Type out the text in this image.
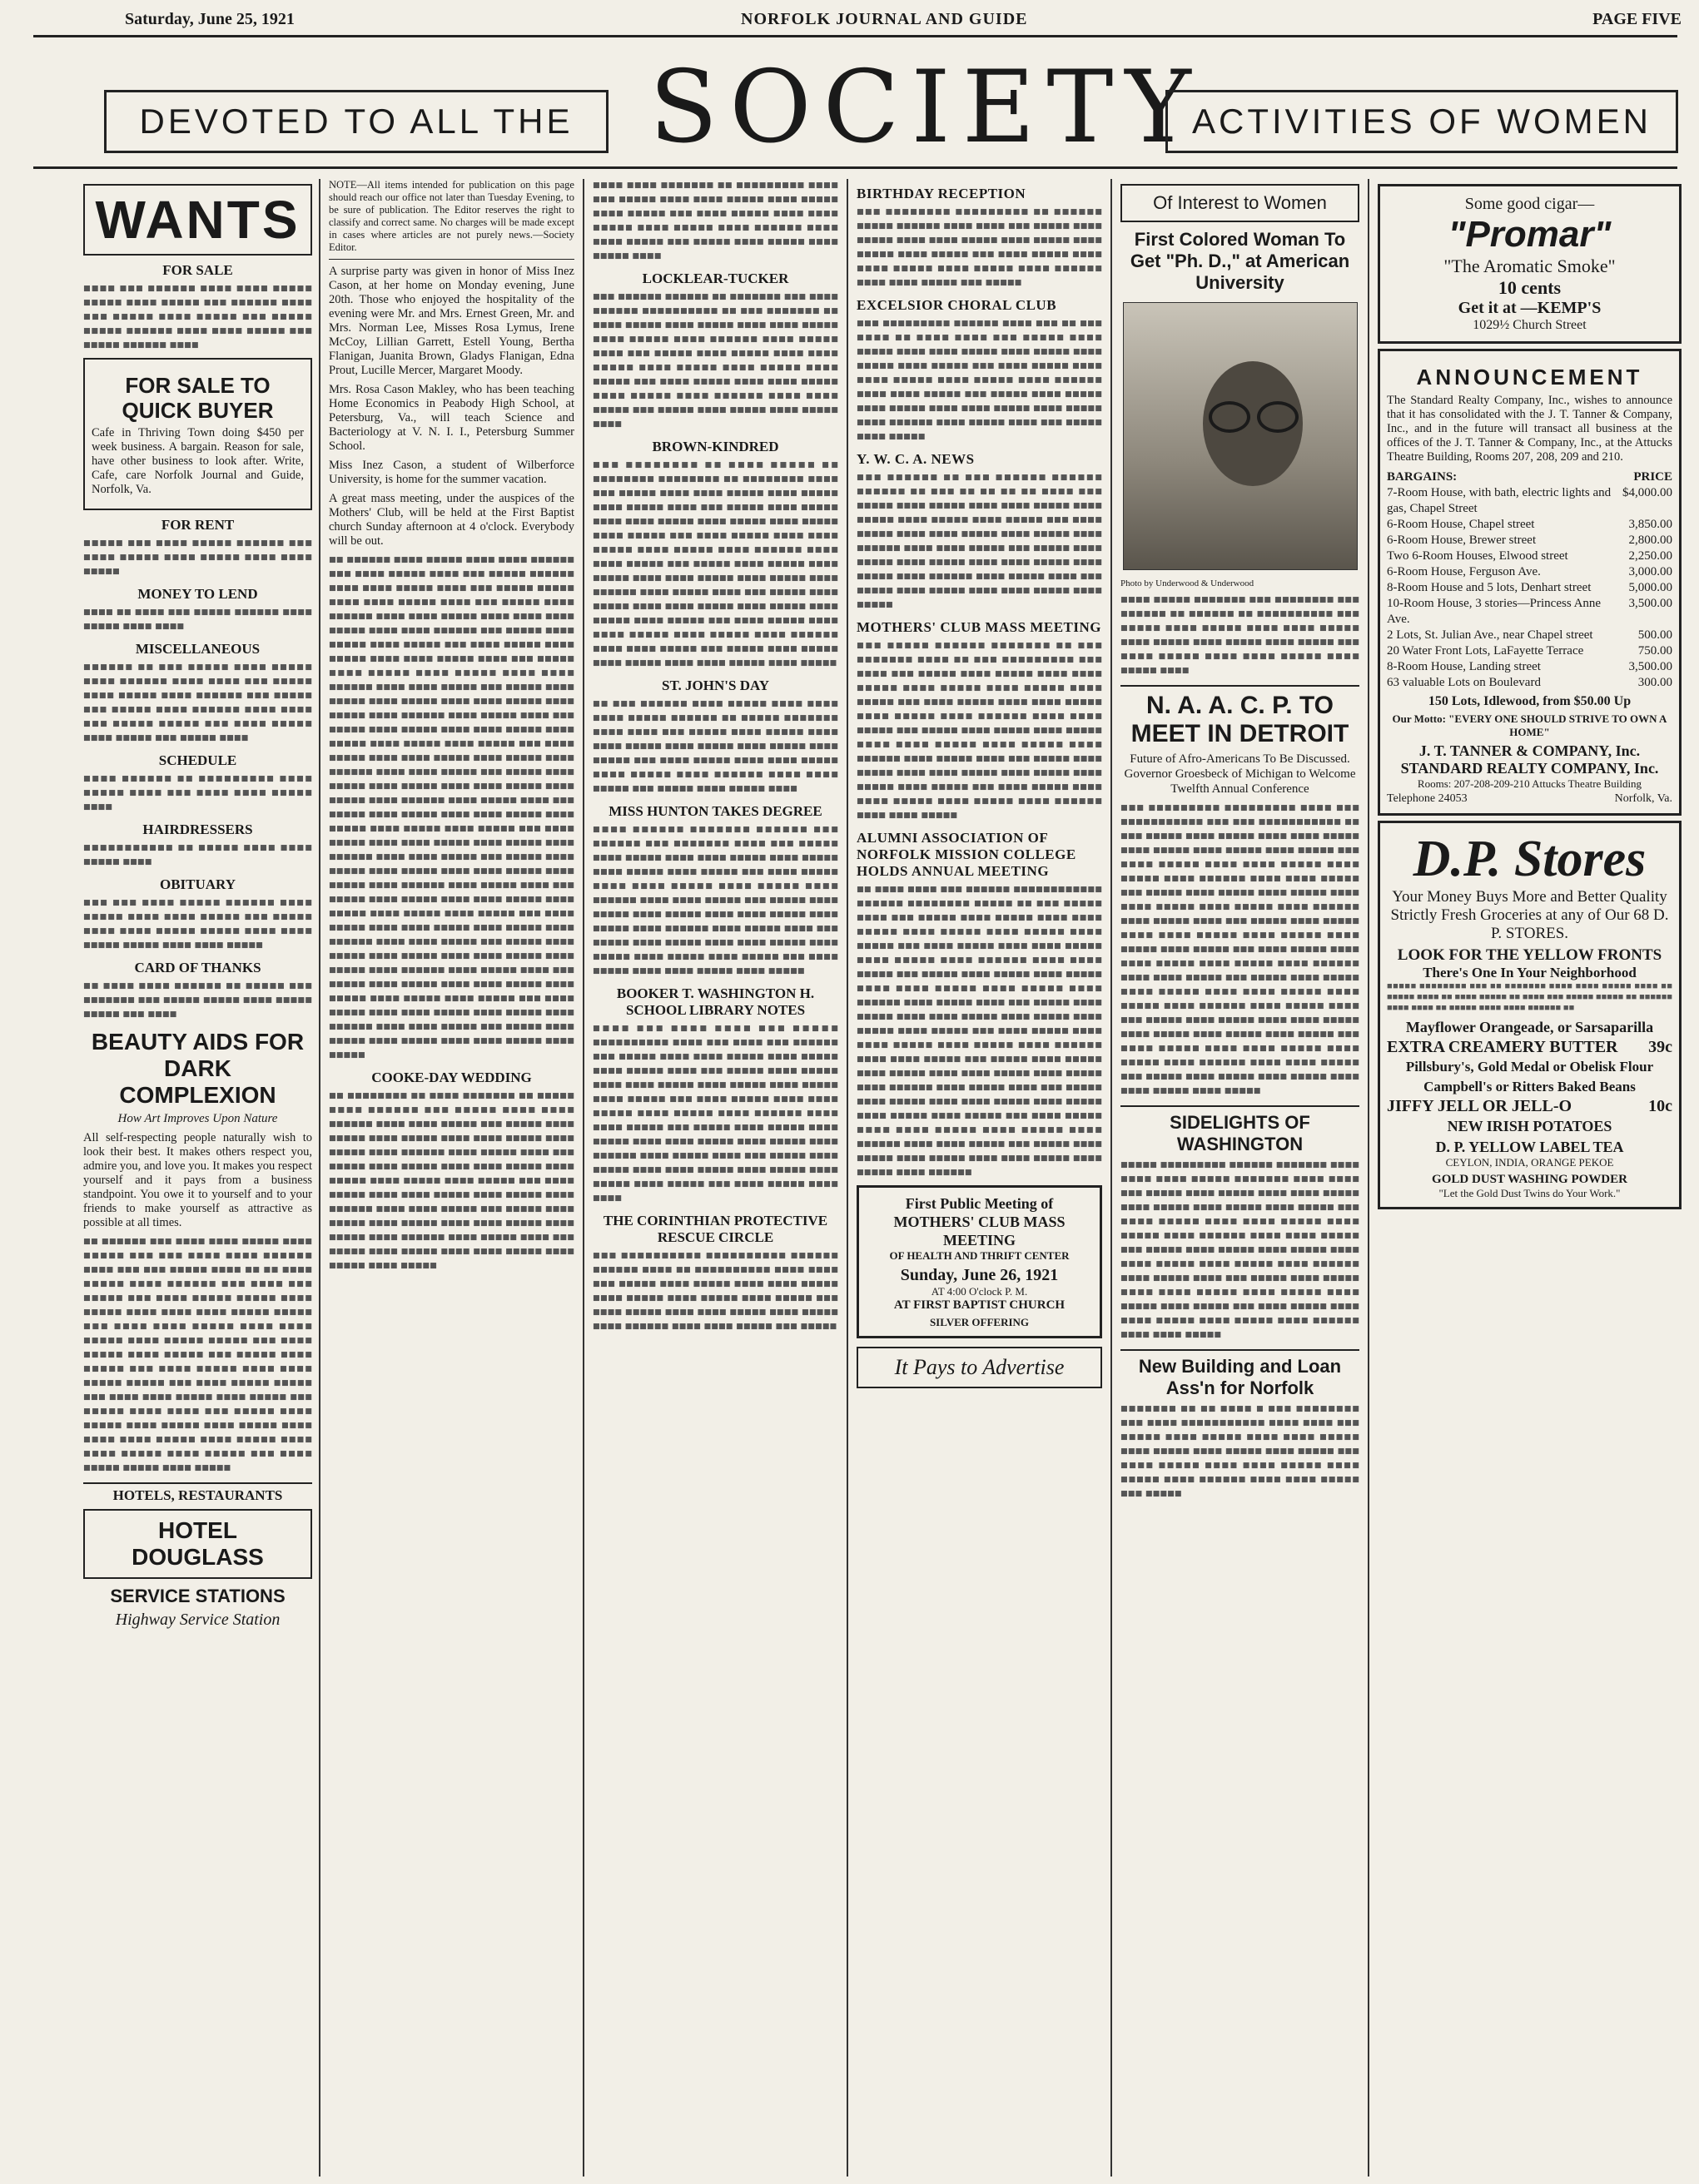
Saturday, June 25, 1921	NORFOLK JOURNAL AND GUIDE	PAGE FIVE
DEVOTED TO ALL THE SOCIETY
ACTIVITIES OF WOMEN
WANTS
FOR SALE

■■■■ ■■■ ■■■■■■ ■■■■ ■■■■ ■■■■■ ■■■■■ ■■■■ ■■■■■ ■■■ ■■■■■■ ■■■■ ■■■ ■■■■■ ■■■■ ■■■■■ ■■■ ■■■■■ ■■■■■ ■■■■■■ ■■■■ ■■■■ ■■■■■ ■■■ ■■■■■ ■■■■■■ ■■■■

FOR SALE TO QUICK BUYER

Cafe in Thriving Town doing $450 per week business. A bargain. Reason for sale, have other business to look after. Write, Cafe, care Norfolk Journal and Guide, Norfolk, Va.

FOR RENT

■■■■■ ■■■ ■■■■ ■■■■■ ■■■■■■ ■■■ ■■■■ ■■■■■ ■■■■ ■■■■■ ■■■■ ■■■■ ■■■■■

MONEY TO LEND

■■■■ ■■ ■■■■ ■■■ ■■■■■ ■■■■■■ ■■■■ ■■■■■ ■■■■ ■■■■

MISCELLANEOUS

■■■■■■ ■■ ■■■ ■■■■■ ■■■■ ■■■■■ ■■■■ ■■■■■■ ■■■■ ■■■■ ■■■ ■■■■■ ■■■■ ■■■■■ ■■■■ ■■■■■■ ■■■ ■■■■■ ■■■ ■■■■■ ■■■■ ■■■■■■ ■■■■ ■■■■ ■■■ ■■■■■ ■■■■■ ■■■ ■■■■ ■■■■■ ■■■■ ■■■■■ ■■■ ■■■■■ ■■■■

SCHEDULE

■■■■ ■■■■■■ ■■ ■■■■■■■■■ ■■■■ ■■■■■ ■■■■ ■■■ ■■■■ ■■■■ ■■■■■ ■■■■

HAIRDRESSERS

■■■■■■■■■■■ ■■ ■■■■■ ■■■■ ■■■■ ■■■■■ ■■■■

OBITUARY

■■■ ■■■ ■■■■ ■■■■■ ■■■■■■ ■■■■ ■■■■■ ■■■■ ■■■■ ■■■■■ ■■■ ■■■■■ ■■■■ ■■■■ ■■■■■ ■■■■■ ■■■■ ■■■■ ■■■■■ ■■■■■ ■■■■ ■■■■ ■■■■■

CARD OF THANKS

■■ ■■■■ ■■■■ ■■■■■■ ■■ ■■■■■ ■■■ ■■■■■■■ ■■■ ■■■■■ ■■■■■ ■■■■ ■■■■■ ■■■■■ ■■■ ■■■■

BEAUTY AIDS FOR DARK COMPLEXION
How Art Improves Upon Nature

All self-respecting people naturally wish to look their best. It makes others respect you, admire you, and love you. It makes you respect yourself and it pays from a business standpoint. You owe it to yourself and to your friends to make yourself as attractive as possible at all times.

■■ ■■■■■■ ■■■ ■■■■ ■■■■ ■■■■■ ■■■■ ■■■■■ ■■■ ■■■ ■■■■ ■■■■ ■■■■■■ ■■■■ ■■■ ■■■ ■■■■■ ■■■■ ■■ ■■ ■■■■ ■■■■■ ■■■■ ■■■■■■ ■■■ ■■■■ ■■■ ■■■■■ ■■■ ■■■■ ■■■■■ ■■■■■ ■■■■ ■■■■■ ■■■■ ■■■■ ■■■■ ■■■■■ ■■■■■ ■■■ ■■■■ ■■■■ ■■■■■ ■■■■ ■■■■ ■■■■■ ■■■■ ■■■■■ ■■■■■ ■■■ ■■■■ ■■■■■ ■■■■ ■■■■■ ■■■ ■■■■■ ■■■■ ■■■■■ ■■■ ■■■■ ■■■■■ ■■■■ ■■■■ ■■■■■ ■■■■■ ■■■ ■■■■ ■■■■■ ■■■■■ ■■■ ■■■■ ■■■■ ■■■■■ ■■■■ ■■■■■ ■■■ ■■■■■ ■■■■ ■■■■ ■■■ ■■■■■ ■■■■ ■■■■■ ■■■■ ■■■■■ ■■■■ ■■■■■ ■■■■ ■■■■ ■■■■ ■■■■■ ■■■■ ■■■■■ ■■■■ ■■■■ ■■■■■ ■■■■ ■■■■■ ■■■ ■■■■ ■■■■■ ■■■■■ ■■■■ ■■■■■

HOTELS, RESTAURANTS
HOTEL DOUGLASS
SERVICE STATIONS
Highway Service Station

NOTE—All items intended for publication on this page should reach our office not later than Tuesday Evening, to be sure of publication. The Editor reserves the right to classify and correct same. No charges will be made except in cases where articles are not purely news.—Society Editor.

A surprise party was given in honor of Miss Inez Cason, at her home on Monday evening, June 20th. Those who enjoyed the hospitality of the evening were Mr. and Mrs. Ernest Green, Mr. and Mrs. Norman Lee, Misses Rosa Lymus, Irene McCoy, Lillian Garrett, Estell Young, Bertha Flanigan, Juanita Brown, Gladys Flanigan, Edna Prout, Lucille Mercer, Margaret Moody.

Mrs. Rosa Cason Makley, who has been teaching Home Economics in Peabody High School, at Petersburg, Va., will teach Science and Bacteriology at V. N. I. I., Petersburg Summer School.

Miss Inez Cason, a student of Wilberforce University, is home for the summer vacation.

A great mass meeting, under the auspices of the Mothers' Club, will be held at the First Baptist church Sunday afternoon at 4 o'clock. Everybody will be out.

■■ ■■■■■■ ■■■■ ■■■■■ ■■■■ ■■■■ ■■■■■■ ■■■ ■■■■ ■■■■■ ■■■■ ■■■ ■■■■■ ■■■■■■ ■■■■ ■■■■ ■■■■■ ■■■■ ■■■ ■■■■■ ■■■■■ ■■■■ ■■■■ ■■■■■ ■■■■ ■■■ ■■■■■ ■■■■ ■■■■■■ ■■■■ ■■■■ ■■■■■ ■■■■ ■■■■ ■■■■ ■■■■■ ■■■■ ■■■■ ■■■■■■ ■■■ ■■■■■ ■■■■ ■■■■■ ■■■■ ■■■■■ ■■■ ■■■■ ■■■■■ ■■■■ ■■■■■ ■■■■ ■■■■ ■■■■■ ■■■■ ■■■ ■■■■■ ■■■■ ■■■■■ ■■■■ ■■■■■ ■■■■ ■■■■ ■■■■■■ ■■■■ ■■■■ ■■■■■ ■■■ ■■■■■ ■■■■ ■■■■■ ■■■■ ■■■■■ ■■■■ ■■■■ ■■■■■ ■■■■ ■■■■■ ■■■■ ■■■■■■ ■■■■ ■■■■■ ■■■■ ■■■ ■■■■■ ■■■■ ■■■■■ ■■■■ ■■■■ ■■■■■ ■■■■ ■■■■■ ■■■■ ■■■■■ ■■■■ ■■■■■ ■■■ ■■■■ ■■■■■ ■■■■ ■■■■ ■■■■■ ■■■■ ■■■■■ ■■■■ ■■■■■■ ■■■■ ■■■■ ■■■■■ ■■■ ■■■■■ ■■■■ ■■■■■ ■■■■ ■■■■■ ■■■■ ■■■■ ■■■■■ ■■■■ ■■■■■ ■■■■ ■■■■■■ ■■■■ ■■■■■ ■■■■ ■■■ ■■■■■ ■■■■ ■■■■■ ■■■■ ■■■■ ■■■■■ ■■■■ ■■■■■ ■■■■ ■■■■■ ■■■■ ■■■■■ ■■■ ■■■■ ■■■■■ ■■■■ ■■■■ ■■■■■ ■■■■ ■■■■■ ■■■■ ■■■■■■ ■■■■ ■■■■ ■■■■■ ■■■ ■■■■■ ■■■■ ■■■■■ ■■■■ ■■■■■ ■■■■ ■■■■ ■■■■■ ■■■■ ■■■■■ ■■■■ ■■■■■■ ■■■■ ■■■■■ ■■■■ ■■■ ■■■■■ ■■■■ ■■■■■ ■■■■ ■■■■ ■■■■■ ■■■■ ■■■■■ ■■■■ ■■■■■ ■■■■ ■■■■■ ■■■ ■■■■ ■■■■■ ■■■■ ■■■■ ■■■■■ ■■■■ ■■■■■ ■■■■ ■■■■■■ ■■■■ ■■■■ ■■■■■ ■■■ ■■■■■ ■■■■ ■■■■■ ■■■■ ■■■■■ ■■■■ ■■■■ ■■■■■ ■■■■ ■■■■■ ■■■■ ■■■■■■ ■■■■ ■■■■■ ■■■■ ■■■ ■■■■■ ■■■■ ■■■■■ ■■■■ ■■■■ ■■■■■ ■■■■ ■■■■■ ■■■■ ■■■■■ ■■■■ ■■■■■ ■■■ ■■■■ ■■■■■ ■■■■ ■■■■ ■■■■■ ■■■■ ■■■■■ ■■■■ ■■■■■■ ■■■■ ■■■■ ■■■■■ ■■■ ■■■■■ ■■■■ ■■■■■ ■■■■ ■■■■■ ■■■■ ■■■■ ■■■■■ ■■■■ ■■■■■

COOKE-DAY WEDDING

■■ ■■■■■■■■ ■■ ■■■■ ■■■■■■■ ■■ ■■■■■ ■■■■ ■■■■■■ ■■■ ■■■■■ ■■■■ ■■■■ ■■■■■■ ■■■■ ■■■■ ■■■■■ ■■■ ■■■■■ ■■■■ ■■■■■ ■■■■ ■■■■■ ■■■■ ■■■■ ■■■■■ ■■■■ ■■■■■ ■■■■ ■■■■■■ ■■■■ ■■■■■ ■■■■ ■■■ ■■■■■ ■■■■ ■■■■■ ■■■■ ■■■■ ■■■■■ ■■■■ ■■■■■ ■■■■ ■■■■■ ■■■■ ■■■■■ ■■■ ■■■■ ■■■■■ ■■■■ ■■■■ ■■■■■ ■■■■ ■■■■■ ■■■■ ■■■■■■ ■■■■ ■■■■ ■■■■■ ■■■ ■■■■■ ■■■■ ■■■■■ ■■■■ ■■■■■ ■■■■ ■■■■ ■■■■■ ■■■■ ■■■■■ ■■■■ ■■■■■■ ■■■■ ■■■■■ ■■■■ ■■■ ■■■■■ ■■■■ ■■■■■ ■■■■ ■■■■ ■■■■■ ■■■■ ■■■■■ ■■■■ ■■■■■

■■■■ ■■■■ ■■■■■■■ ■■ ■■■■■■■■■ ■■■■ ■■■ ■■■■■ ■■■■ ■■■■ ■■■■■ ■■■■ ■■■■■ ■■■■ ■■■■■ ■■■ ■■■■ ■■■■■ ■■■■ ■■■■ ■■■■■ ■■■■ ■■■■■ ■■■■ ■■■■■■ ■■■■ ■■■■ ■■■■■ ■■■ ■■■■■ ■■■■ ■■■■■ ■■■■ ■■■■■ ■■■■

LOCKLEAR-TUCKER

■■■ ■■■■■■ ■■■■■■ ■■ ■■■■■■■ ■■■ ■■■■ ■■■■■■ ■■■■■■■■■■ ■■ ■■■ ■■■■■■■ ■■ ■■■■ ■■■■■ ■■■■ ■■■■■ ■■■■ ■■■■ ■■■■■ ■■■■ ■■■■■ ■■■■ ■■■■■■ ■■■■ ■■■■■ ■■■■ ■■■ ■■■■■ ■■■■ ■■■■■ ■■■■ ■■■■ ■■■■■ ■■■■ ■■■■■ ■■■■ ■■■■■ ■■■■ ■■■■■ ■■■ ■■■■ ■■■■■ ■■■■ ■■■■ ■■■■■ ■■■■ ■■■■■ ■■■■ ■■■■■■ ■■■■ ■■■■ ■■■■■ ■■■ ■■■■■ ■■■■ ■■■■■ ■■■■ ■■■■■ ■■■■

BROWN-KINDRED

■■■ ■■■■■■■■ ■■ ■■■■ ■■■■■ ■■ ■■■■■■■■ ■■■■■■■■ ■■ ■■■■■■■■ ■■■■ ■■■ ■■■■■ ■■■■ ■■■■ ■■■■■ ■■■■ ■■■■■ ■■■■ ■■■■■ ■■■■ ■■■ ■■■■■ ■■■■ ■■■■■ ■■■■ ■■■■ ■■■■■ ■■■■ ■■■■■ ■■■■ ■■■■■ ■■■■ ■■■■■ ■■■ ■■■■ ■■■■■ ■■■■ ■■■■ ■■■■■ ■■■■ ■■■■■ ■■■■ ■■■■■■ ■■■■ ■■■■ ■■■■■ ■■■ ■■■■■ ■■■■ ■■■■■ ■■■■ ■■■■■ ■■■■ ■■■■ ■■■■■ ■■■■ ■■■■■ ■■■■ ■■■■■■ ■■■■ ■■■■■ ■■■■ ■■■ ■■■■■ ■■■■ ■■■■■ ■■■■ ■■■■ ■■■■■ ■■■■ ■■■■■ ■■■■ ■■■■■ ■■■■ ■■■■■ ■■■ ■■■■ ■■■■■ ■■■■ ■■■■ ■■■■■ ■■■■ ■■■■■ ■■■■ ■■■■■■ ■■■■ ■■■■ ■■■■■ ■■■ ■■■■■ ■■■■ ■■■■■ ■■■■ ■■■■■ ■■■■ ■■■■ ■■■■■ ■■■■ ■■■■■

ST. JOHN'S DAY

■■ ■■■ ■■■■■■ ■■■■ ■■■■■ ■■■■ ■■■■ ■■■■ ■■■■■ ■■■■■■ ■■ ■■■■■ ■■■■■■■ ■■■■ ■■■■ ■■■ ■■■■■ ■■■■ ■■■■■ ■■■■ ■■■■ ■■■■■ ■■■■ ■■■■■ ■■■■ ■■■■■ ■■■■ ■■■■■ ■■■ ■■■■ ■■■■■ ■■■■ ■■■■ ■■■■■ ■■■■ ■■■■■ ■■■■ ■■■■■■ ■■■■ ■■■■ ■■■■■ ■■■ ■■■■■ ■■■■ ■■■■■ ■■■■

MISS HUNTON TAKES DEGREE

■■■■ ■■■■■■ ■■■■■■■ ■■■■■■ ■■■ ■■■■■■ ■■■ ■■■■■■■ ■■■■ ■■■ ■■■■■ ■■■■ ■■■■■ ■■■■ ■■■■ ■■■■■ ■■■■ ■■■■■ ■■■■ ■■■■■ ■■■■ ■■■■■ ■■■ ■■■■ ■■■■■ ■■■■ ■■■■ ■■■■■ ■■■■ ■■■■■ ■■■■ ■■■■■■ ■■■■ ■■■■ ■■■■■ ■■■ ■■■■■ ■■■■ ■■■■■ ■■■■ ■■■■■ ■■■■ ■■■■ ■■■■■ ■■■■ ■■■■■ ■■■■ ■■■■■■ ■■■■ ■■■■■ ■■■■ ■■■ ■■■■■ ■■■■ ■■■■■ ■■■■ ■■■■ ■■■■■ ■■■■ ■■■■■ ■■■■ ■■■■■ ■■■■ ■■■■■ ■■■ ■■■■ ■■■■■ ■■■■ ■■■■ ■■■■■ ■■■■ ■■■■■

BOOKER T. WASHINGTON H. SCHOOL LIBRARY NOTES

■■■■ ■■■ ■■■■ ■■■■ ■■■ ■■■■■ ■■■■■■■■■■ ■■■■ ■■■ ■■■■ ■■■ ■■■■■■ ■■■ ■■■■■ ■■■■ ■■■■ ■■■■■ ■■■■ ■■■■■ ■■■■ ■■■■■ ■■■■ ■■■ ■■■■■ ■■■■ ■■■■■ ■■■■ ■■■■ ■■■■■ ■■■■ ■■■■■ ■■■■ ■■■■■ ■■■■ ■■■■■ ■■■ ■■■■ ■■■■■ ■■■■ ■■■■ ■■■■■ ■■■■ ■■■■■ ■■■■ ■■■■■■ ■■■■ ■■■■ ■■■■■ ■■■ ■■■■■ ■■■■ ■■■■■ ■■■■ ■■■■■ ■■■■ ■■■■ ■■■■■ ■■■■ ■■■■■ ■■■■ ■■■■■■ ■■■■ ■■■■■ ■■■■ ■■■ ■■■■■ ■■■■ ■■■■■ ■■■■ ■■■■ ■■■■■ ■■■■ ■■■■■ ■■■■ ■■■■■ ■■■■ ■■■■■ ■■■ ■■■■ ■■■■■ ■■■■ ■■■■

THE CORINTHIAN PROTECTIVE RESCUE CIRCLE

■■■ ■■■■■■■■■■ ■■■■■■■■■■ ■■■■■■ ■■■■■■ ■■■■ ■■ ■■■■■■■■■■ ■■■■ ■■■■ ■■■ ■■■■■ ■■■■ ■■■■■ ■■■■ ■■■■ ■■■■■ ■■■■ ■■■■■ ■■■■ ■■■■■ ■■■■ ■■■■■ ■■■ ■■■■ ■■■■■ ■■■■ ■■■■ ■■■■■ ■■■■ ■■■■■ ■■■■ ■■■■■■ ■■■■ ■■■■ ■■■■■ ■■■ ■■■■■

BIRTHDAY RECEPTION

■■■ ■■■■■■■■ ■■■■■■■■■ ■■ ■■■■■■ ■■■■■ ■■■■■■ ■■■■ ■■■■ ■■■ ■■■■■ ■■■■ ■■■■■ ■■■■ ■■■■ ■■■■■ ■■■■ ■■■■■ ■■■■ ■■■■■ ■■■■ ■■■■■ ■■■ ■■■■ ■■■■■ ■■■■ ■■■■ ■■■■■ ■■■■ ■■■■■ ■■■■ ■■■■■■ ■■■■ ■■■■ ■■■■■ ■■■ ■■■■■

EXCELSIOR CHORAL CLUB

■■■ ■■■■■■■■■ ■■■■■■ ■■■■ ■■■ ■■ ■■■ ■■■■ ■■ ■■■■ ■■■■ ■■■ ■■■■■ ■■■■ ■■■■■ ■■■■ ■■■■ ■■■■■ ■■■■ ■■■■■ ■■■■ ■■■■■ ■■■■ ■■■■■ ■■■ ■■■■ ■■■■■ ■■■■ ■■■■ ■■■■■ ■■■■ ■■■■■ ■■■■ ■■■■■■ ■■■■ ■■■■ ■■■■■ ■■■ ■■■■■ ■■■■ ■■■■■ ■■■■ ■■■■■ ■■■■ ■■■■ ■■■■■ ■■■■ ■■■■■ ■■■■ ■■■■■■ ■■■■ ■■■■■ ■■■■ ■■■ ■■■■■ ■■■■ ■■■■■

Y. W. C. A. NEWS

■■■ ■■■■■■ ■■ ■■■ ■■■■■■ ■■■■■■ ■■■■■■ ■■ ■■■ ■■ ■■ ■■ ■■ ■■■■ ■■■ ■■■■■ ■■■■ ■■■■■ ■■■■ ■■■■ ■■■■■ ■■■■ ■■■■■ ■■■■ ■■■■■ ■■■■ ■■■■■ ■■■ ■■■■ ■■■■■ ■■■■ ■■■■ ■■■■■ ■■■■ ■■■■■ ■■■■ ■■■■■■ ■■■■ ■■■■ ■■■■■ ■■■ ■■■■■ ■■■■ ■■■■■ ■■■■ ■■■■■ ■■■■ ■■■■ ■■■■■ ■■■■ ■■■■■ ■■■■ ■■■■■■ ■■■■ ■■■■■ ■■■■ ■■■ ■■■■■ ■■■■ ■■■■■ ■■■■ ■■■■ ■■■■■ ■■■■ ■■■■■

MOTHERS' CLUB MASS MEETING

■■■ ■■■■■ ■■■■■■ ■■■■■■■ ■■ ■■■ ■■■■■■■ ■■■■ ■■ ■■■ ■■■■■■■■■ ■■■ ■■■■ ■■■ ■■■■■ ■■■■ ■■■■■ ■■■■ ■■■■ ■■■■■ ■■■■ ■■■■■ ■■■■ ■■■■■ ■■■■ ■■■■■ ■■■ ■■■■ ■■■■■ ■■■■ ■■■■ ■■■■■ ■■■■ ■■■■■ ■■■■ ■■■■■■ ■■■■ ■■■■ ■■■■■ ■■■ ■■■■■ ■■■■ ■■■■■ ■■■■ ■■■■■ ■■■■ ■■■■ ■■■■■ ■■■■ ■■■■■ ■■■■ ■■■■■■ ■■■■ ■■■■■ ■■■■ ■■■ ■■■■■ ■■■■ ■■■■■ ■■■■ ■■■■ ■■■■■ ■■■■ ■■■■■ ■■■■ ■■■■■ ■■■■ ■■■■■ ■■■ ■■■■ ■■■■■ ■■■■ ■■■■ ■■■■■ ■■■■ ■■■■■ ■■■■ ■■■■■■ ■■■■ ■■■■ ■■■■■

ALUMNI ASSOCIATION OF NORFOLK MISSION COLLEGE HOLDS ANNUAL MEETING

■■ ■■■■ ■■■■ ■■■ ■■■■■■ ■■■■■■■■■■■■ ■■■■■■ ■■■■■■■■ ■■■■■ ■■ ■■■ ■■■■■ ■■■■ ■■■ ■■■■■ ■■■■ ■■■■■ ■■■■ ■■■■ ■■■■■ ■■■■ ■■■■■ ■■■■ ■■■■■ ■■■■ ■■■■■ ■■■ ■■■■ ■■■■■ ■■■■ ■■■■ ■■■■■ ■■■■ ■■■■■ ■■■■ ■■■■■■ ■■■■ ■■■■ ■■■■■ ■■■ ■■■■■ ■■■■ ■■■■■ ■■■■ ■■■■■ ■■■■ ■■■■ ■■■■■ ■■■■ ■■■■■ ■■■■ ■■■■■■ ■■■■ ■■■■■ ■■■■ ■■■ ■■■■■ ■■■■ ■■■■■ ■■■■ ■■■■ ■■■■■ ■■■■ ■■■■■ ■■■■ ■■■■■ ■■■■ ■■■■■ ■■■ ■■■■ ■■■■■ ■■■■ ■■■■ ■■■■■ ■■■■ ■■■■■ ■■■■ ■■■■■■ ■■■■ ■■■■ ■■■■■ ■■■ ■■■■■ ■■■■ ■■■■■ ■■■■ ■■■■■ ■■■■ ■■■■ ■■■■■ ■■■■ ■■■■■ ■■■■ ■■■■■■ ■■■■ ■■■■■ ■■■■ ■■■ ■■■■■ ■■■■ ■■■■■ ■■■■ ■■■■ ■■■■■ ■■■■ ■■■■■ ■■■■ ■■■■■ ■■■■ ■■■■■ ■■■ ■■■■ ■■■■■ ■■■■ ■■■■ ■■■■■ ■■■■ ■■■■■ ■■■■ ■■■■■■ ■■■■ ■■■■ ■■■■■ ■■■ ■■■■■ ■■■■ ■■■■■ ■■■■ ■■■■■ ■■■■ ■■■■ ■■■■■ ■■■■ ■■■■■ ■■■■ ■■■■■■

First Public Meeting of MOTHERS' CLUB MASS MEETING
OF HEALTH AND THRIFT CENTER
Sunday, June 26, 1921
AT 4:00 O'clock P. M.
AT FIRST BAPTIST CHURCH
SILVER OFFERING
It Pays to Advertise
Of Interest to Women
First Colored Woman To Get "Ph. D.," at American University
Photo by Underwood & Underwood

■■■■ ■■■■■ ■■■■■■■ ■■■ ■■■■■■■■ ■■■ ■■■■■■ ■■ ■■■■■■ ■■ ■■■■■■■■■■ ■■■ ■■■■■ ■■■■ ■■■■■ ■■■■ ■■■■ ■■■■■ ■■■■ ■■■■■ ■■■■ ■■■■■ ■■■■ ■■■■■ ■■■ ■■■■ ■■■■■ ■■■■ ■■■■ ■■■■■ ■■■■ ■■■■■ ■■■■

N. A. A. C. P. TO MEET IN DETROIT
Future of Afro-Americans To Be Discussed. Governor Groesbeck of Michigan to Welcome Twelfth Annual Conference

■■■ ■■■■■■■■■ ■■■■■■■■■ ■■■■ ■■■ ■■■■■■■■■■■ ■■■ ■■■ ■■■■■■■■■■■ ■■ ■■■ ■■■■■ ■■■■ ■■■■■ ■■■■ ■■■■ ■■■■■ ■■■■ ■■■■■ ■■■■ ■■■■■ ■■■■ ■■■■■ ■■■ ■■■■ ■■■■■ ■■■■ ■■■■ ■■■■■ ■■■■ ■■■■■ ■■■■ ■■■■■■ ■■■■ ■■■■ ■■■■■ ■■■ ■■■■■ ■■■■ ■■■■■ ■■■■ ■■■■■ ■■■■ ■■■■ ■■■■■ ■■■■ ■■■■■ ■■■■ ■■■■■■ ■■■■ ■■■■■ ■■■■ ■■■ ■■■■■ ■■■■ ■■■■■ ■■■■ ■■■■ ■■■■■ ■■■■ ■■■■■ ■■■■ ■■■■■ ■■■■ ■■■■■ ■■■ ■■■■ ■■■■■ ■■■■ ■■■■ ■■■■■ ■■■■ ■■■■■ ■■■■ ■■■■■■ ■■■■ ■■■■ ■■■■■ ■■■ ■■■■■ ■■■■ ■■■■■ ■■■■ ■■■■■ ■■■■ ■■■■ ■■■■■ ■■■■ ■■■■■ ■■■■ ■■■■■■ ■■■■ ■■■■■ ■■■■ ■■■ ■■■■■ ■■■■ ■■■■■ ■■■■ ■■■■ ■■■■■ ■■■■ ■■■■■ ■■■■ ■■■■■ ■■■■ ■■■■■ ■■■ ■■■■ ■■■■■ ■■■■ ■■■■ ■■■■■ ■■■■ ■■■■■ ■■■■ ■■■■■■ ■■■■ ■■■■ ■■■■■ ■■■ ■■■■■ ■■■■ ■■■■■ ■■■■ ■■■■■ ■■■■ ■■■■ ■■■■■ ■■■■ ■■■■■

SIDELIGHTS OF WASHINGTON

■■■■■ ■■■■■■■■■ ■■■■■■ ■■■■■■■ ■■■■ ■■■■ ■■■■ ■■■■■ ■■■■■■■ ■■■■ ■■■■ ■■■ ■■■■■ ■■■■ ■■■■■ ■■■■ ■■■■ ■■■■■ ■■■■ ■■■■■ ■■■■ ■■■■■ ■■■■ ■■■■■ ■■■ ■■■■ ■■■■■ ■■■■ ■■■■ ■■■■■ ■■■■ ■■■■■ ■■■■ ■■■■■■ ■■■■ ■■■■ ■■■■■ ■■■ ■■■■■ ■■■■ ■■■■■ ■■■■ ■■■■■ ■■■■ ■■■■ ■■■■■ ■■■■ ■■■■■ ■■■■ ■■■■■■ ■■■■ ■■■■■ ■■■■ ■■■ ■■■■■ ■■■■ ■■■■■ ■■■■ ■■■■ ■■■■■ ■■■■ ■■■■■ ■■■■ ■■■■■ ■■■■ ■■■■■ ■■■ ■■■■ ■■■■■ ■■■■ ■■■■ ■■■■■ ■■■■ ■■■■■ ■■■■ ■■■■■■ ■■■■ ■■■■ ■■■■■

New Building and Loan Ass'n for Norfolk

■■■■■■■ ■■ ■■ ■■■■ ■ ■■■ ■■■■■■■■ ■■■ ■■■■ ■■■■■■■■■■■ ■■■■ ■■■■ ■■■ ■■■■■ ■■■■ ■■■■■ ■■■■ ■■■■ ■■■■■ ■■■■ ■■■■■ ■■■■ ■■■■■ ■■■■ ■■■■■ ■■■ ■■■■ ■■■■■ ■■■■ ■■■■ ■■■■■ ■■■■ ■■■■■ ■■■■ ■■■■■■ ■■■■ ■■■■ ■■■■■ ■■■ ■■■■■

Some good cigar—
"Promar"
"The Aromatic Smoke"
10 cents
Get it at —KEMP'S
1029½ Church Street
ANNOUNCEMENT

The Standard Realty Company, Inc., wishes to announce that it has consolidated with the J. T. Tanner & Company, Inc., and in the future will transact all business at the offices of the J. T. Tanner & Company, Inc., at the Attucks Theatre Building, Rooms 207, 208, 209 and 210.

BARGAINS:	PRICE
7-Room House, with bath, electric lights and gas, Chapel Street
$4,000.00
6-Room House, Chapel street	3,850.00
6-Room House, Brewer street	2,800.00
Two 6-Room Houses, Elwood street	2,250.00
6-Room House, Ferguson Ave.	3,000.00
8-Room House and 5 lots, Denhart street	5,000.00
10-Room House, 3 stories—Princess Anne Ave.
3,500.00
2 Lots, St. Julian Ave., near Chapel street	500.00
20 Water Front Lots, LaFayette Terrace	750.00
8-Room House, Landing street	3,500.00
63 valuable Lots on Boulevard	300.00
150 Lots, Idlewood, from $50.00 Up
Our Motto: "EVERY ONE SHOULD STRIVE TO OWN A HOME"
J. T. TANNER & COMPANY, Inc.
STANDARD REALTY COMPANY, Inc.
Rooms: 207-208-209-210 Attucks Theatre Building
Telephone 24053	Norfolk, Va.
D.P. Stores
Your Money Buys More and Better Quality Strictly Fresh Groceries at any of Our 68 D. P. STORES.
LOOK FOR THE YELLOW FRONTS
There's One In Your Neighborhood

■■■■■ ■■■■■■■■ ■■■ ■■ ■■■■■■■ ■■■■ ■■■■ ■■■■■ ■■■■ ■■ ■■■■■ ■■■■ ■■ ■■■■ ■■■■■ ■■ ■■■■ ■■■ ■■■■■ ■■■■■ ■■ ■■■■■■ ■■■■ ■■■■ ■■ ■■■■■ ■■■■ ■■■■ ■■■■■■ ■■

Mayflower Orangeade, or Sarsaparilla
EXTRA CREAMERY BUTTER 39c
Pillsbury's, Gold Medal or Obelisk Flour
Campbell's or Ritters Baked Beans
JIFFY JELL OR JELL-O	10c
NEW IRISH POTATOES
D. P. YELLOW LABEL TEA
CEYLON, INDIA, ORANGE PEKOE
GOLD DUST WASHING POWDER
"Let the Gold Dust Twins do Your Work."
